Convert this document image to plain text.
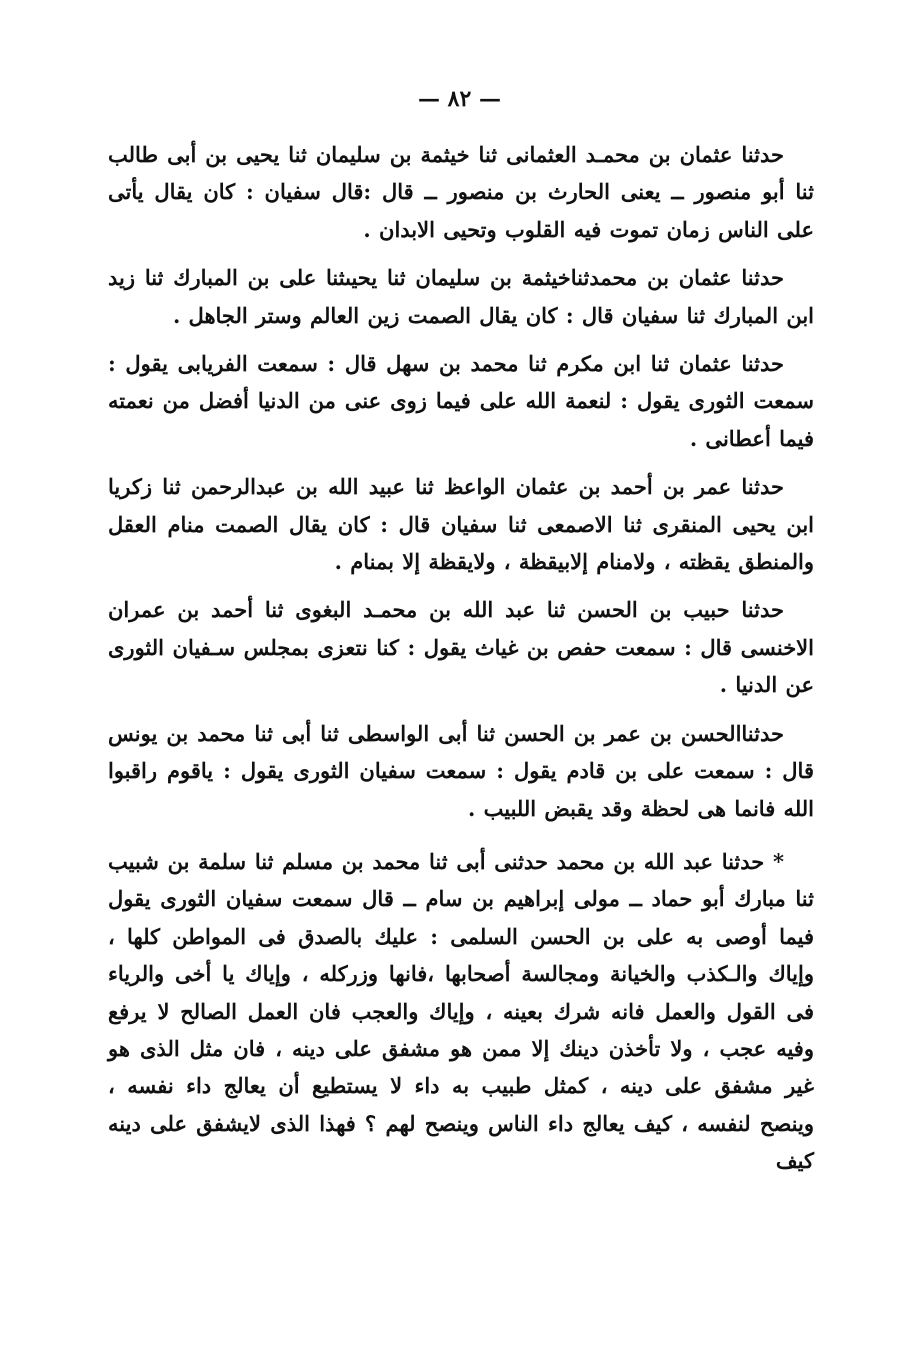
— ٨٢ —

حدثنا عثمان بن محمـد العثمانى ثنا خيثمة بن سليمان ثنا يحيى بن أبى طالب ثنا أبو منصور ــ يعنى الحارث بن منصور ــ قال :قال سفيان : كان يقال يأتى على الناس زمان تموت فيه القلوب وتحيى الابدان .

حدثنا عثمان بن محمدثناخيثمة بن سليمان ثنا يحيىثنا على بن المبارك ثنا زيد ابن المبارك ثنا سفيان قال : كان يقال الصمت زين العالم وستر الجاهل .

حدثنا عثمان ثنا ابن مكرم ثنا محمد بن سهل قال : سمعت الفريابى يقول : سمعت الثورى يقول : لنعمة الله على فيما زوى عنى من الدنيا أفضل من نعمته فيما أعطانى .

حدثنا عمر بن أحمد بن عثمان الواعظ ثنا عبيد الله بن عبدالرحمن ثنا زكريا ابن يحيى المنقرى ثنا الاصمعى ثنا سفيان قال : كان يقال الصمت منام العقل والمنطق يقظته ، ولامنام إلابيقظة ، ولايقظة إلا بمنام .

حدثنا حبيب بن الحسن ثنا عبد الله بن محمـد البغوى ثنا أحمد بن عمران الاخنسى قال : سمعت حفص بن غياث يقول : كنا نتعزى بمجلس سـفيان الثورى عن الدنيا .

حدثناالحسن بن عمر بن الحسن ثنا أبى الواسطى ثنا أبى ثنا محمد بن يونس قال : سمعت على بن قادم يقول : سمعت سفيان الثورى يقول : ياقوم راقبوا الله فانما هى لحظة وقد يقبض اللبيب .

* حدثنا عبد الله بن محمد حدثنى أبى ثنا محمد بن مسلم ثنا سلمة بن شبيب ثنا مبارك أبو حماد ــ مولى إبراهيم بن سام ــ قال سمعت سفيان الثورى يقول فيما أوصى به على بن الحسن السلمى : عليك بالصدق فى المواطن كلها ، وإياك والـكذب والخيانة ومجالسة أصحابها ،فانها وزركله ، وإياك يا أخى والرياء فى القول والعمل فانه شرك بعينه ، وإياك والعجب فان العمل الصالح لا يرفع وفيه عجب ، ولا تأخذن دينك إلا ممن هو مشفق على دينه ، فان مثل الذى هو غير مشفق على دينه ، كمثل طبيب به داء لا يستطيع أن يعالج داء نفسه ، وينصح لنفسه ، كيف يعالج داء الناس وينصح لهم ؟ فهذا الذى لايشفق على دينه كيف
